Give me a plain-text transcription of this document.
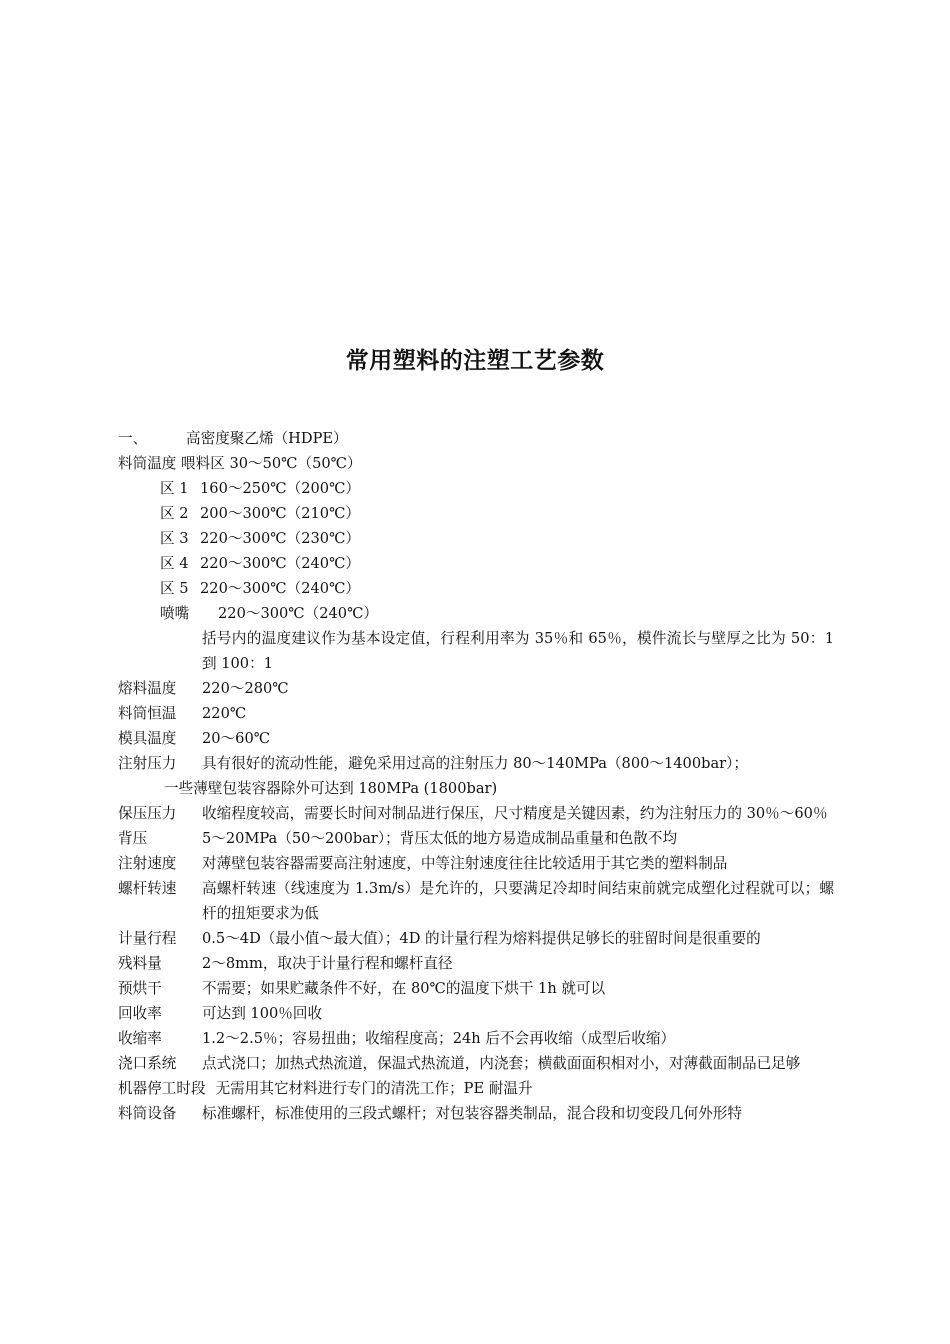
常用塑料的注塑工艺参数
一、	高密度聚乙烯（HDPE）
料筒温度 喂料区 30～50℃（50℃）
区 1 160～250℃（200℃）
区 2 200～300℃（210℃）
区 3 220～300℃（230℃）
区 4 220～300℃（240℃）
区 5 220～300℃（240℃）
喷嘴 220～300℃（240℃）
括号内的温度建议作为基本设定值，行程利用率为 35％和 65％，模件流长与壁厚之比为 50：1 到 100：1
熔料温度	220～280℃
料筒恒温	220℃
模具温度	20～60℃
注射压力	具有很好的流动性能，避免采用过高的注射压力 80～140MPa（800～1400bar）；
一些薄壁包装容器除外可达到 180MPa (1800bar)
保压压力	收缩程度较高，需要长时间对制品进行保压，尺寸精度是关键因素，约为注射压力的 30％～60％
背压	5～20MPa（50～200bar）；背压太低的地方易造成制品重量和色散不均
注射速度	对薄壁包装容器需要高注射速度，中等注射速度往往比较适用于其它类的塑料制品
螺杆转速	高螺杆转速（线速度为 1.3m/s）是允许的，只要满足冷却时间结束前就完成塑化过程就可以；螺杆的扭矩要求为低
计量行程	0.5～4D（最小值～最大值）；4D 的计量行程为熔料提供足够长的驻留时间是很重要的
残料量	2～8mm，取决于计量行程和螺杆直径
预烘干	不需要；如果贮藏条件不好，在 80℃的温度下烘干 1h 就可以
回收率	可达到 100％回收
收缩率	1.2～2.5％；容易扭曲；收缩程度高；24h 后不会再收缩（成型后收缩）
浇口系统	点式浇口；加热式热流道，保温式热流道，内浇套；横截面面积相对小，对薄截面制品已足够
机器停工时段 无需用其它材料进行专门的清洗工作；PE 耐温升
料筒设备	标准螺杆，标准使用的三段式螺杆；对包装容器类制品，混合段和切变段几何外形特
